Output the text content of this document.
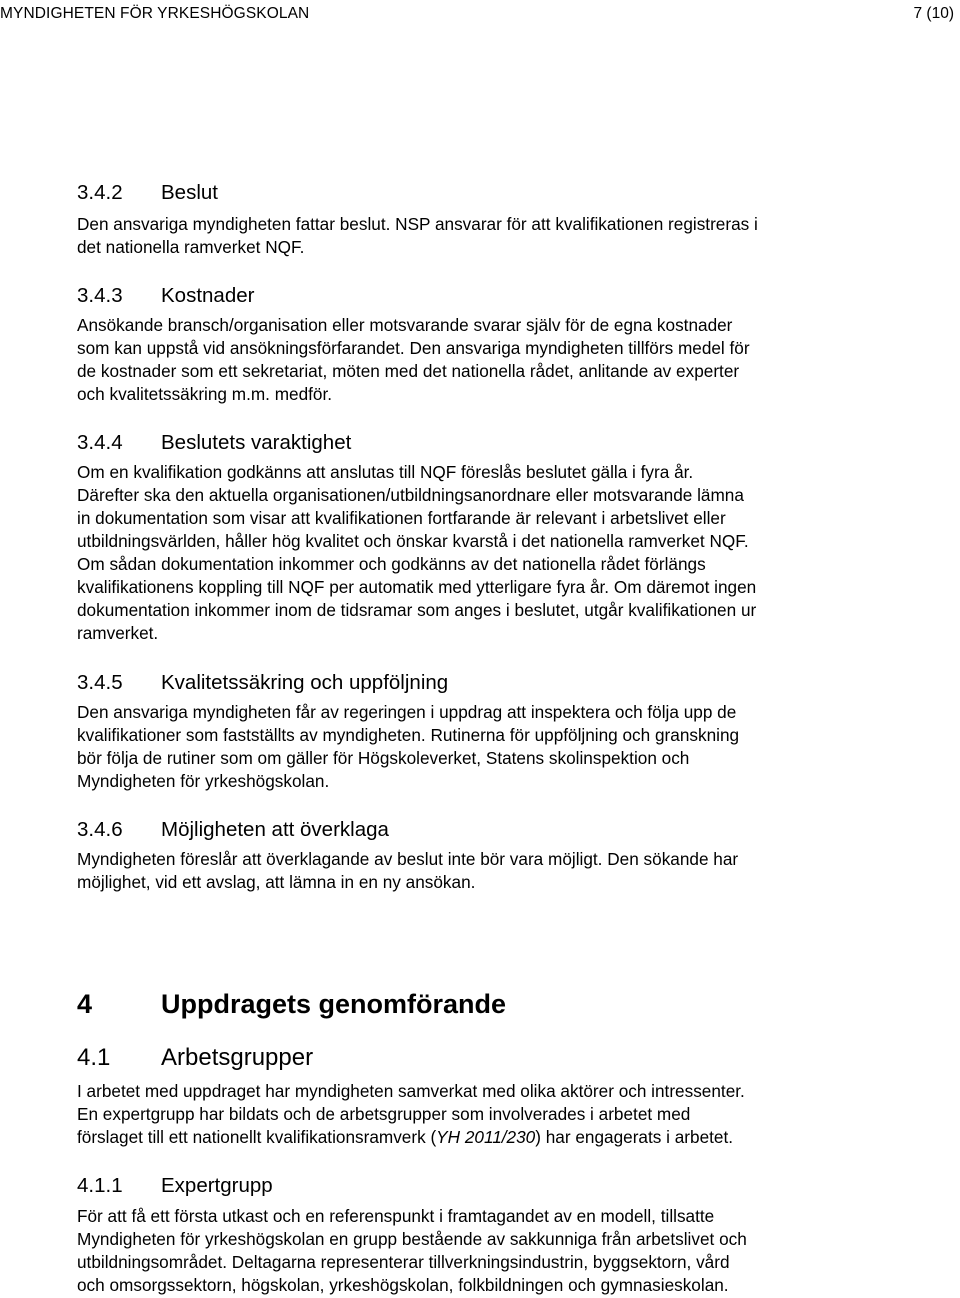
MYNDIGHETEN FÖR YRKESHÖGSKOLAN	7 (10)
3.4.2 Beslut
Den ansvariga myndigheten fattar beslut. NSP ansvarar för att kvalifikationen registreras i
det nationella ramverket NQF.
3.4.3 Kostnader
Ansökande bransch/organisation eller motsvarande svarar själv för de egna kostnader
som kan uppstå vid ansökningsförfarandet. Den ansvariga myndigheten tillförs medel för
de kostnader som ett sekretariat, möten med det nationella rådet, anlitande av experter
och kvalitetssäkring m.m. medför.
3.4.4 Beslutets varaktighet
Om en kvalifikation godkänns att anslutas till NQF föreslås beslutet gälla i fyra år.
Därefter ska den aktuella organisationen/utbildningsanordnare eller motsvarande lämna
in dokumentation som visar att kvalifikationen fortfarande är relevant i arbetslivet eller
utbildningsvärlden, håller hög kvalitet och önskar kvarstå i det nationella ramverket NQF.
Om sådan dokumentation inkommer och godkänns av det nationella rådet förlängs
kvalifikationens koppling till NQF per automatik med ytterligare fyra år. Om däremot ingen
dokumentation inkommer inom de tidsramar som anges i beslutet, utgår kvalifikationen ur
ramverket.
3.4.5 Kvalitetssäkring och uppföljning
Den ansvariga myndigheten får av regeringen i uppdrag att inspektera och följa upp de
kvalifikationer som fastställts av myndigheten. Rutinerna för uppföljning och granskning
bör följa de rutiner som om gäller för Högskoleverket, Statens skolinspektion och
Myndigheten för yrkeshögskolan.
3.4.6 Möjligheten att överklaga
Myndigheten föreslår att överklagande av beslut inte bör vara möjligt. Den sökande har
möjlighet, vid ett avslag, att lämna in en ny ansökan.
4	Uppdragets genomförande
4.1 Arbetsgrupper
I arbetet med uppdraget har myndigheten samverkat med olika aktörer och intressenter.
En expertgrupp har bildats och de arbetsgrupper som involverades i arbetet med
förslaget till ett nationellt kvalifikationsramverk (YH 2011/230) har engagerats i arbetet.
4.1.1 Expertgrupp
För att få ett första utkast och en referenspunkt i framtagandet av en modell, tillsatte
Myndigheten för yrkeshögskolan en grupp bestående av sakkunniga från arbetslivet och
utbildningsområdet. Deltagarna representerar tillverkningsindustrin, byggsektorn, vård
och omsorgssektorn, högskolan, yrkeshögskolan, folkbildningen och gymnasieskolan.
